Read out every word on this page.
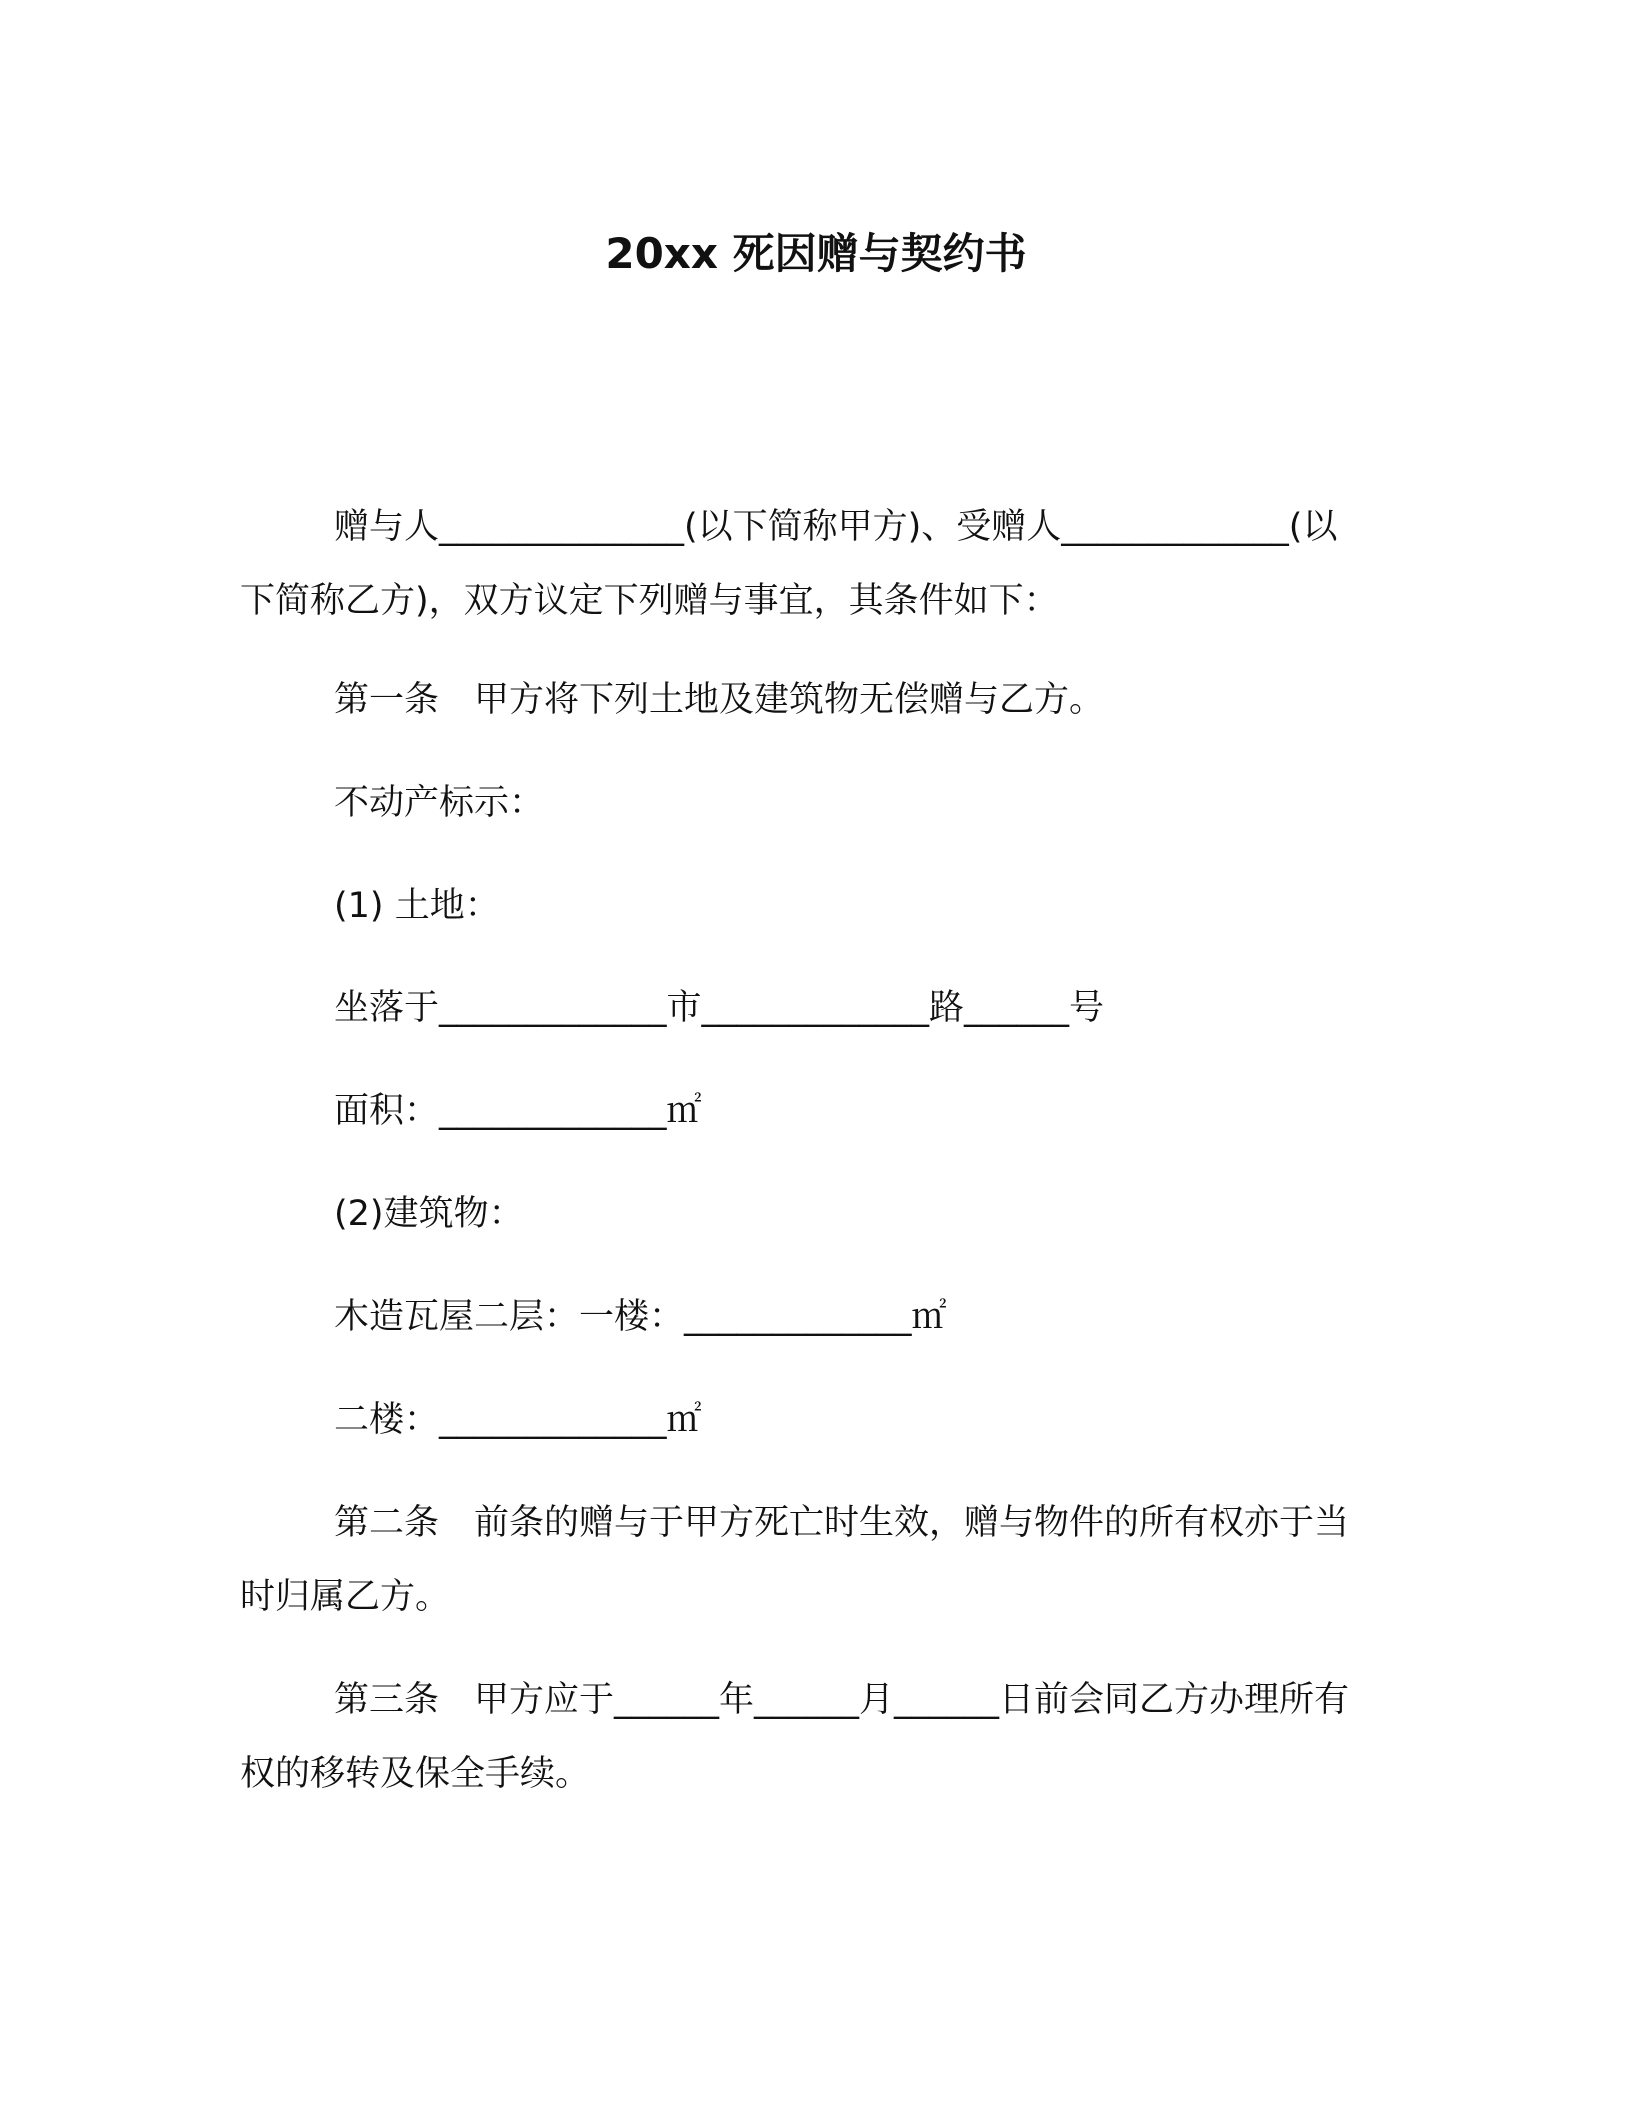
20xx 死因赠与契约书

赠与人______________(以下简称甲方)、受赠人_____________(以下简称乙方)，双方议定下列赠与事宜，其条件如下：

第一条　甲方将下列土地及建筑物无偿赠与乙方。

不动产标示：

(1) 土地：

坐落于_____________市_____________路______号

面积：_____________㎡

(2)建筑物：

木造瓦屋二层：一楼：_____________㎡

二楼：_____________㎡

第二条　前条的赠与于甲方死亡时生效，赠与物件的所有权亦于当时归属乙方。

第三条　甲方应于______年______月______日前会同乙方办理所有权的移转及保全手续。
